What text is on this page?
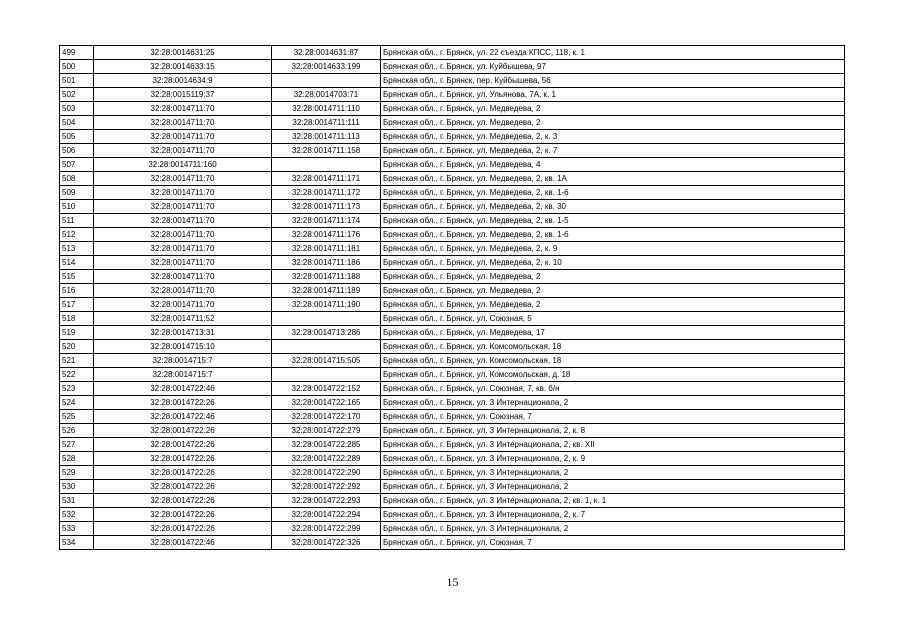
499	32:28:0014631:25	32:28:0014631:87	Брянская обл., г. Брянск, ул. 22 съезда КПСС, 118, к. 1
500	32:28:0014633:15	32:28:0014633:199	Брянская обл., г. Брянск, ул. Куйбышева, 97
501	32:28:0014634:9		Брянская обл., г. Брянск, пер. Куйбышева, 56
502	32:28:0015119:37	32:28:0014703:71	Брянская обл., г. Брянск, ул. Ульянова, 7А, к. 1
503	32:28:0014711:70	32:28:0014711:110	Брянская обл., г. Брянск, ул. Медведева, 2
504	32:28:0014711:70	32:28:0014711:111	Брянская обл., г. Брянск, ул. Медведева, 2
505	32:28:0014711:70	32:28:0014711:113	Брянская обл., г. Брянск, ул. Медведева, 2, к. 3
506	32:28:0014711:70	32:28:0014711:158	Брянская обл., г. Брянск, ул. Медведева, 2, к. 7
507	32:28:0014711:160		Брянская обл., г. Брянск, ул. Медведева, 4
508	32:28:0014711:70	32:28:0014711:171	Брянская обл., г. Брянск, ул. Медведева, 2, кв. 1А
509	32:28:0014711:70	32:28:0014711:172	Брянская обл., г. Брянск, ул. Медведева, 2, кв. 1-6
510	32:28:0014711:70	32:28:0014711:173	Брянская обл., г. Брянск, ул. Медведева, 2, кв. 30
511	32:28:0014711:70	32:28:0014711:174	Брянская обл., г. Брянск, ул. Медведева, 2, кв. 1-5
512	32:28:0014711:70	32:28:0014711:176	Брянская обл., г. Брянск, ул. Медведева, 2, кв. 1-6
513	32:28:0014711:70	32:28:0014711:181	Брянская обл., г. Брянск, ул. Медведева, 2, к. 9
514	32:28:0014711:70	32:28:0014711:186	Брянская обл., г. Брянск, ул. Медведева, 2, к. 10
515	32:28:0014711:70	32:28:0014711:188	Брянская обл., г. Брянск, ул. Медведева, 2
516	32:28:0014711:70	32:28:0014711:189	Брянская обл., г. Брянск, ул. Медведева, 2
517	32:28:0014711:70	32:28:0014711:190	Брянская обл., г. Брянск, ул. Медведева, 2
518	32:28:0014711:52		Брянская обл., г. Брянск, ул. Союзная, 5
519	32:28:0014713:31	32:28:0014713:286	Брянская обл., г. Брянск, ул. Медведева, 17
520	32:28:0014715:10		Брянская обл., г. Брянск, ул. Комсомольская, 18
521	32:28:0014715:7	32:28:0014715:505	Брянская обл., г. Брянск, ул. Комсомольская, 18
522	32:28:0014715:7		Брянская обл., г. Брянск, ул. Комсомольская, д. 18
523	32:28:0014722:46	32:28:0014722:152	Брянская обл., г. Брянск, ул. Союзная, 7, кв. б/н
524	32:28:0014722:26	32:28:0014722:165	Брянская обл., г. Брянск, ул. 3 Интернационала, 2
525	32:28:0014722:46	32:28:0014722:170	Брянская обл., г. Брянск, ул. Союзная, 7
526	32:28:0014722:26	32:28:0014722:279	Брянская обл., г. Брянск, ул. 3 Интернационала, 2, к. 8
527	32:28:0014722:26	32:28:0014722:285	Брянская обл., г. Брянск, ул. 3 Интернационала, 2, кв. XII
528	32:28:0014722:26	32:28:0014722:289	Брянская обл., г. Брянск, ул. 3 Интернационала, 2, к. 9
529	32:28:0014722:26	32:28:0014722:290	Брянская обл., г. Брянск, ул. 3 Интернационала, 2
530	32:28:0014722:26	32:28:0014722:292	Брянская обл., г. Брянск, ул. 3 Интернационала, 2
531	32:28:0014722:26	32:28:0014722:293	Брянская обл., г. Брянск, ул. 3 Интернационала, 2, кв. 1, к. 1
532	32:28:0014722:26	32:28:0014722:294	Брянская обл., г. Брянск, ул. 3 Интернационала, 2, к. 7
533	32:28:0014722:26	32:28:0014722:299	Брянская обл., г. Брянск, ул. 3 Интернационала, 2
534	32:28:0014722:46	32:28:0014722:326	Брянская обл., г. Брянск, ул. Союзная, 7
15
